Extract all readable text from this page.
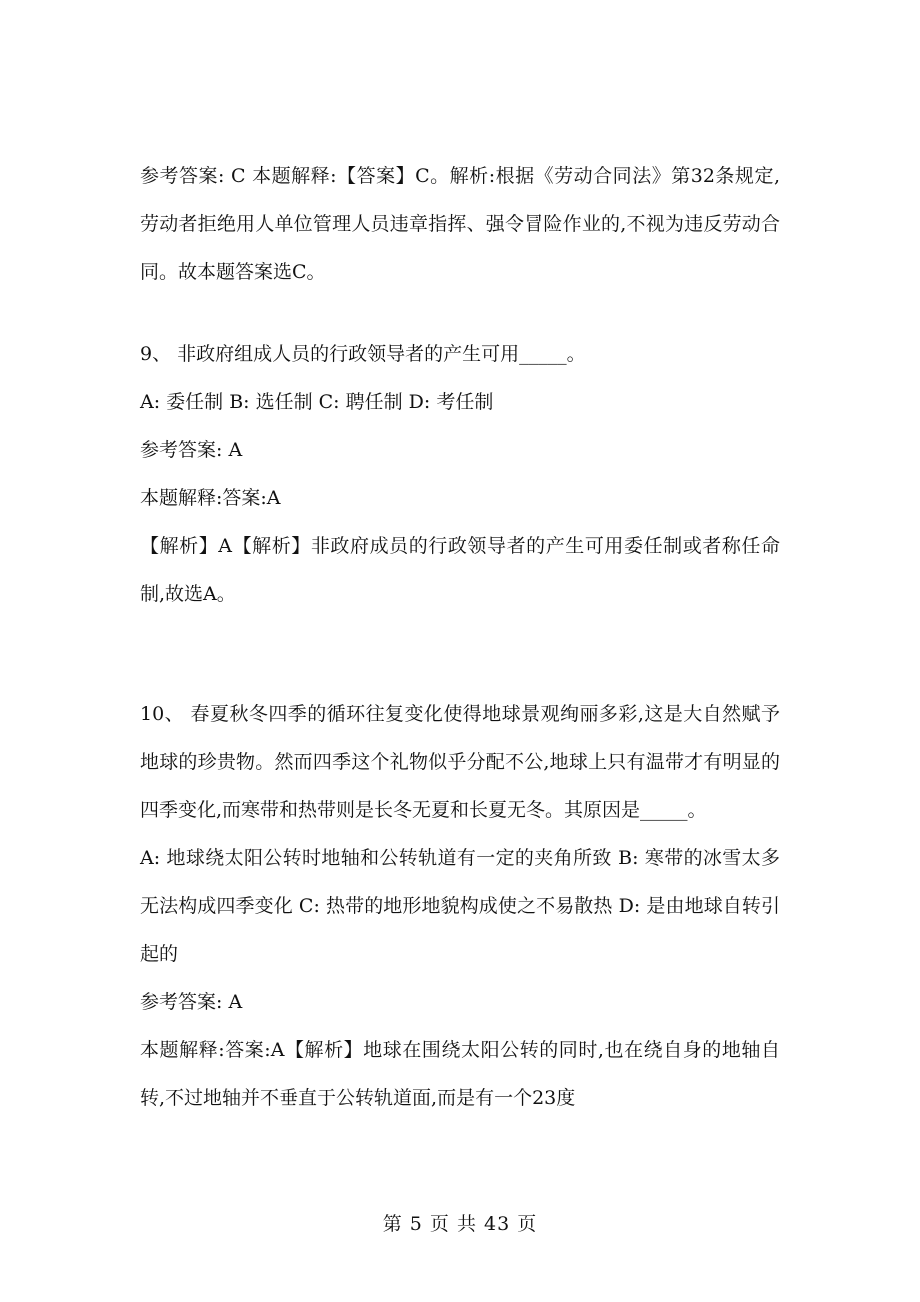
参考答案: C 本题解释:【答案】C。解析:根据《劳动合同法》第32条规定,劳动者拒绝用人单位管理人员违章指挥、强令冒险作业的,不视为违反劳动合同。故本题答案选C。

9、 非政府组成人员的行政领导者的产生可用_____。

A: 委任制 B: 选任制 C: 聘任制 D: 考任制

参考答案: A

本题解释:答案:A

【解析】A【解析】非政府成员的行政领导者的产生可用委任制或者称任命制,故选A。

10、 春夏秋冬四季的循环往复变化使得地球景观绚丽多彩,这是大自然赋予地球的珍贵物。然而四季这个礼物似乎分配不公,地球上只有温带才有明显的四季变化,而寒带和热带则是长冬无夏和长夏无冬。其原因是_____。

A: 地球绕太阳公转时地轴和公转轨道有一定的夹角所致 B: 寒带的冰雪太多无法构成四季变化 C: 热带的地形地貌构成使之不易散热 D: 是由地球自转引起的

参考答案: A

本题解释:答案:A【解析】地球在围绕太阳公转的同时,也在绕自身的地轴自转,不过地轴并不垂直于公转轨道面,而是有一个23度

第 5 页 共 43 页
